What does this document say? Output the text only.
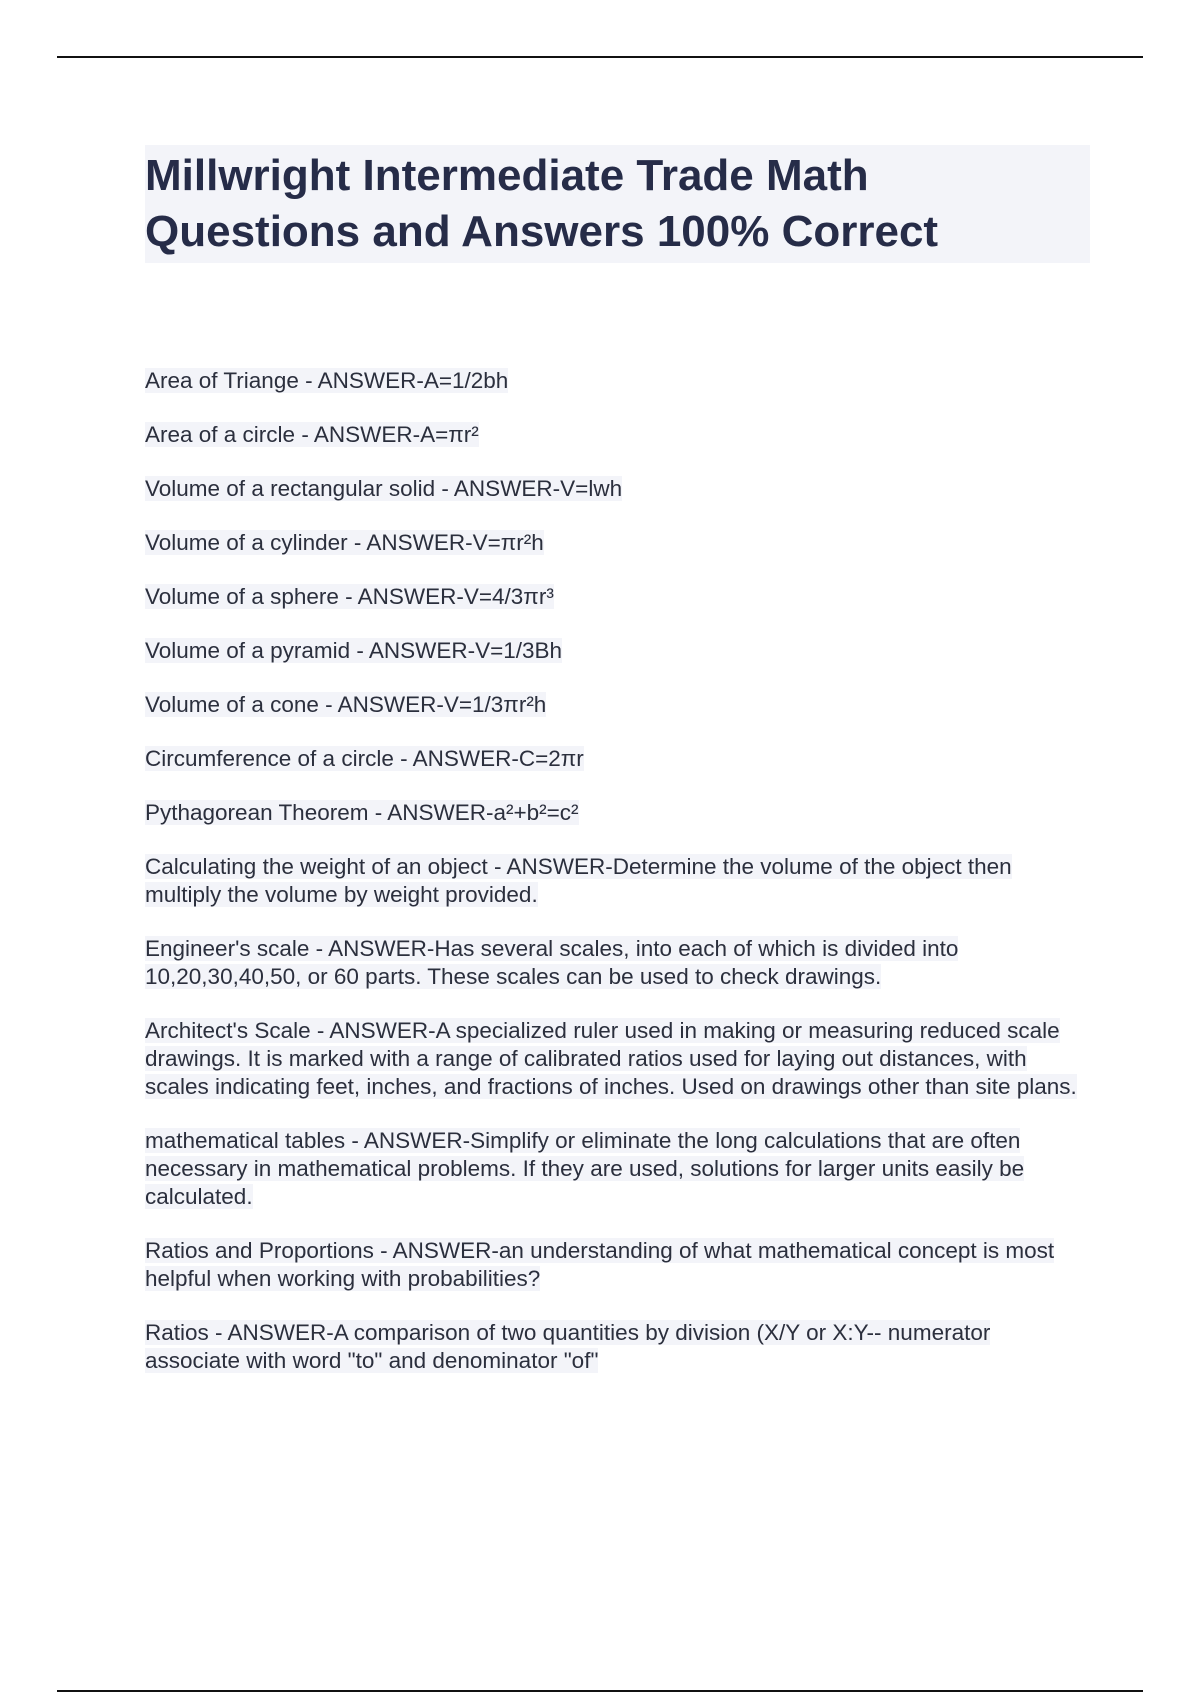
Millwright Intermediate Trade Math Questions and Answers 100% Correct
Area of Triange - ANSWER-A=1/2bh
Area of a circle - ANSWER-A=πr²
Volume of a rectangular solid - ANSWER-V=lwh
Volume of a cylinder - ANSWER-V=πr²h
Volume of a sphere - ANSWER-V=4/3πr³
Volume of a pyramid - ANSWER-V=1/3Bh
Volume of a cone - ANSWER-V=1/3πr²h
Circumference of a circle - ANSWER-C=2πr
Pythagorean Theorem - ANSWER-a²+b²=c²
Calculating the weight of an object - ANSWER-Determine the volume of the object then multiply the volume by weight provided.
Engineer's scale - ANSWER-Has several scales, into each of which is divided into 10,20,30,40,50, or 60 parts. These scales can be used to check drawings.
Architect's Scale - ANSWER-A specialized ruler used in making or measuring reduced scale drawings. It is marked with a range of calibrated ratios used for laying out distances, with scales indicating feet, inches, and fractions of inches. Used on drawings other than site plans.
mathematical tables - ANSWER-Simplify or eliminate the long calculations that are often necessary in mathematical problems. If they are used, solutions for larger units easily be calculated.
Ratios and Proportions - ANSWER-an understanding of what mathematical concept is most helpful when working with probabilities?
Ratios - ANSWER-A comparison of two quantities by division (X/Y or X:Y-- numerator associate with word "to" and denominator "of"
